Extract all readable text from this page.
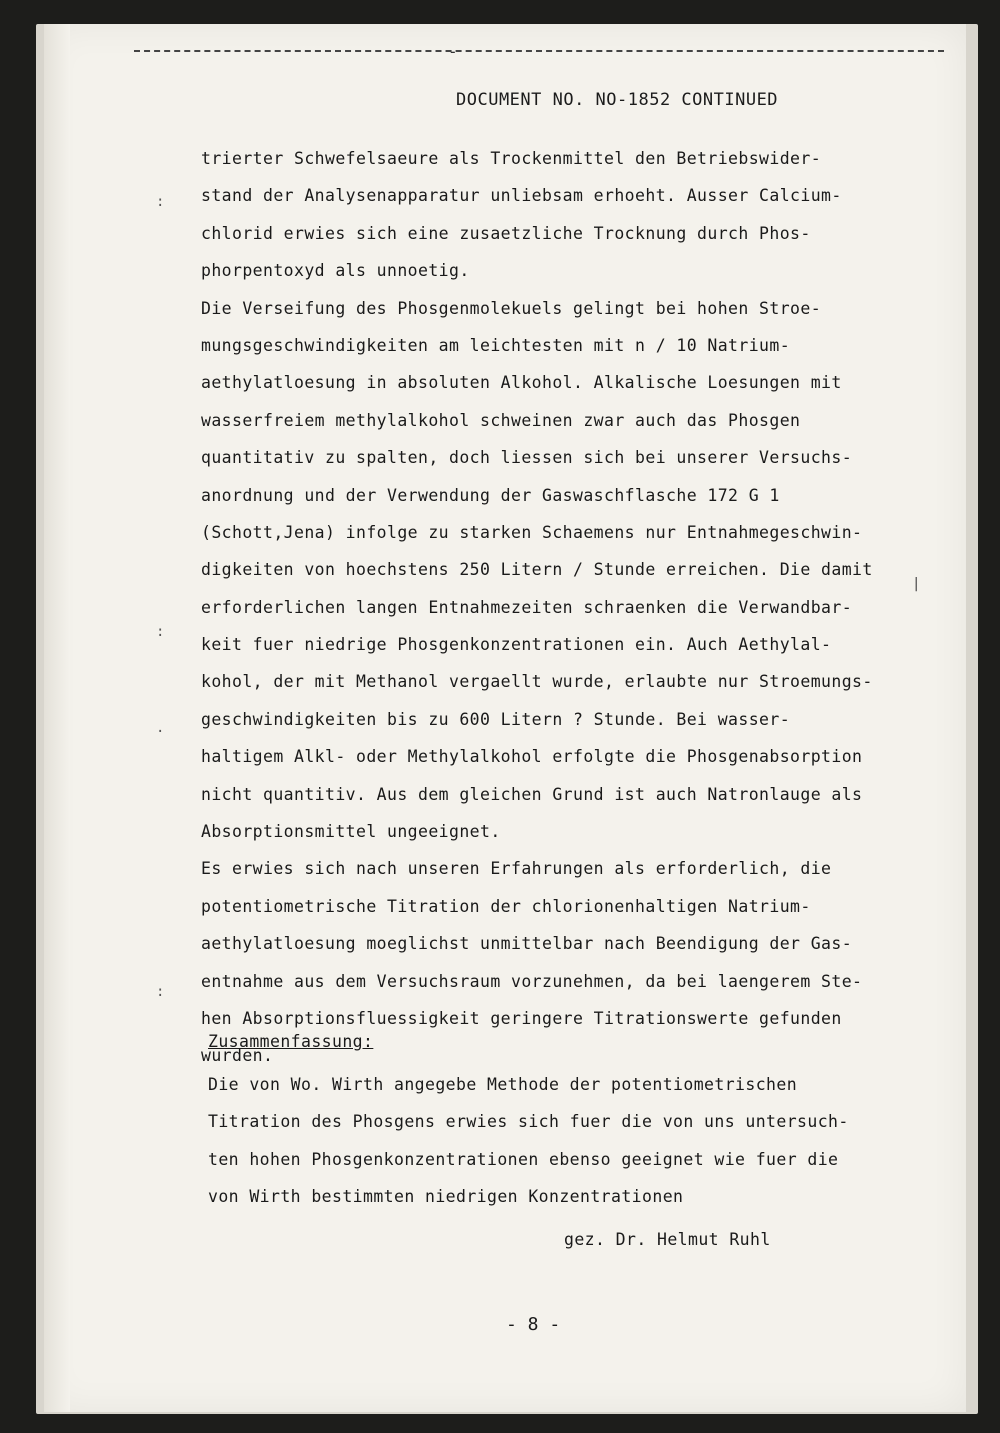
-
:
:
·
:
|
DOCUMENT NO. NO-1852 CONTINUED
trierter Schwefelsaeure als Trockenmittel den Betriebswider-
stand der Analysenapparatur unliebsam erhoeht. Ausser Calcium-
chlorid erwies sich eine zusaetzliche Trocknung durch Phos-
phorpentoxyd als unnoetig.
Die Verseifung des Phosgenmolekuels gelingt bei hohen Stroe-
mungsgeschwindigkeiten am leichtesten mit n / 10 Natrium-
aethylatloesung in absoluten Alkohol. Alkalische Loesungen mit
wasserfreiem methylalkohol schweinen zwar auch das Phosgen
quantitativ zu spalten, doch liessen sich bei unserer Versuchs-
anordnung und der Verwendung der Gaswaschflasche 172 G 1
(Schott,Jena) infolge zu starken Schaemens nur Entnahmegeschwin-
digkeiten von hoechstens 250 Litern / Stunde erreichen. Die damit
erforderlichen langen Entnahmezeiten schraenken die Verwandbar-
keit fuer niedrige Phosgenkonzentrationen ein. Auch Aethylal-
kohol, der mit Methanol vergaellt wurde, erlaubte nur Stroemungs-
geschwindigkeiten bis zu 600 Litern ? Stunde. Bei wasser-
haltigem Alkl- oder Methylalkohol erfolgte die Phosgenabsorption
nicht quantitiv. Aus dem gleichen Grund ist auch Natronlauge als
Absorptionsmittel ungeeignet.
Es erwies sich nach unseren Erfahrungen als erforderlich, die
potentiometrische Titration der chlorionenhaltigen Natrium-
aethylatloesung moeglichst unmittelbar nach Beendigung der Gas-
entnahme aus dem Versuchsraum vorzunehmen, da bei laengerem Ste-
hen Absorptionsfluessigkeit geringere Titrationswerte gefunden
wurden.
Zusammenfassung:
Die von Wo. Wirth angegebe Methode der potentiometrischen
Titration des Phosgens erwies sich fuer die von uns untersuch-
ten hohen Phosgenkonzentrationen ebenso geeignet wie fuer die
von Wirth bestimmten niedrigen Konzentrationen
gez. Dr. Helmut Ruhl
- 8 -
